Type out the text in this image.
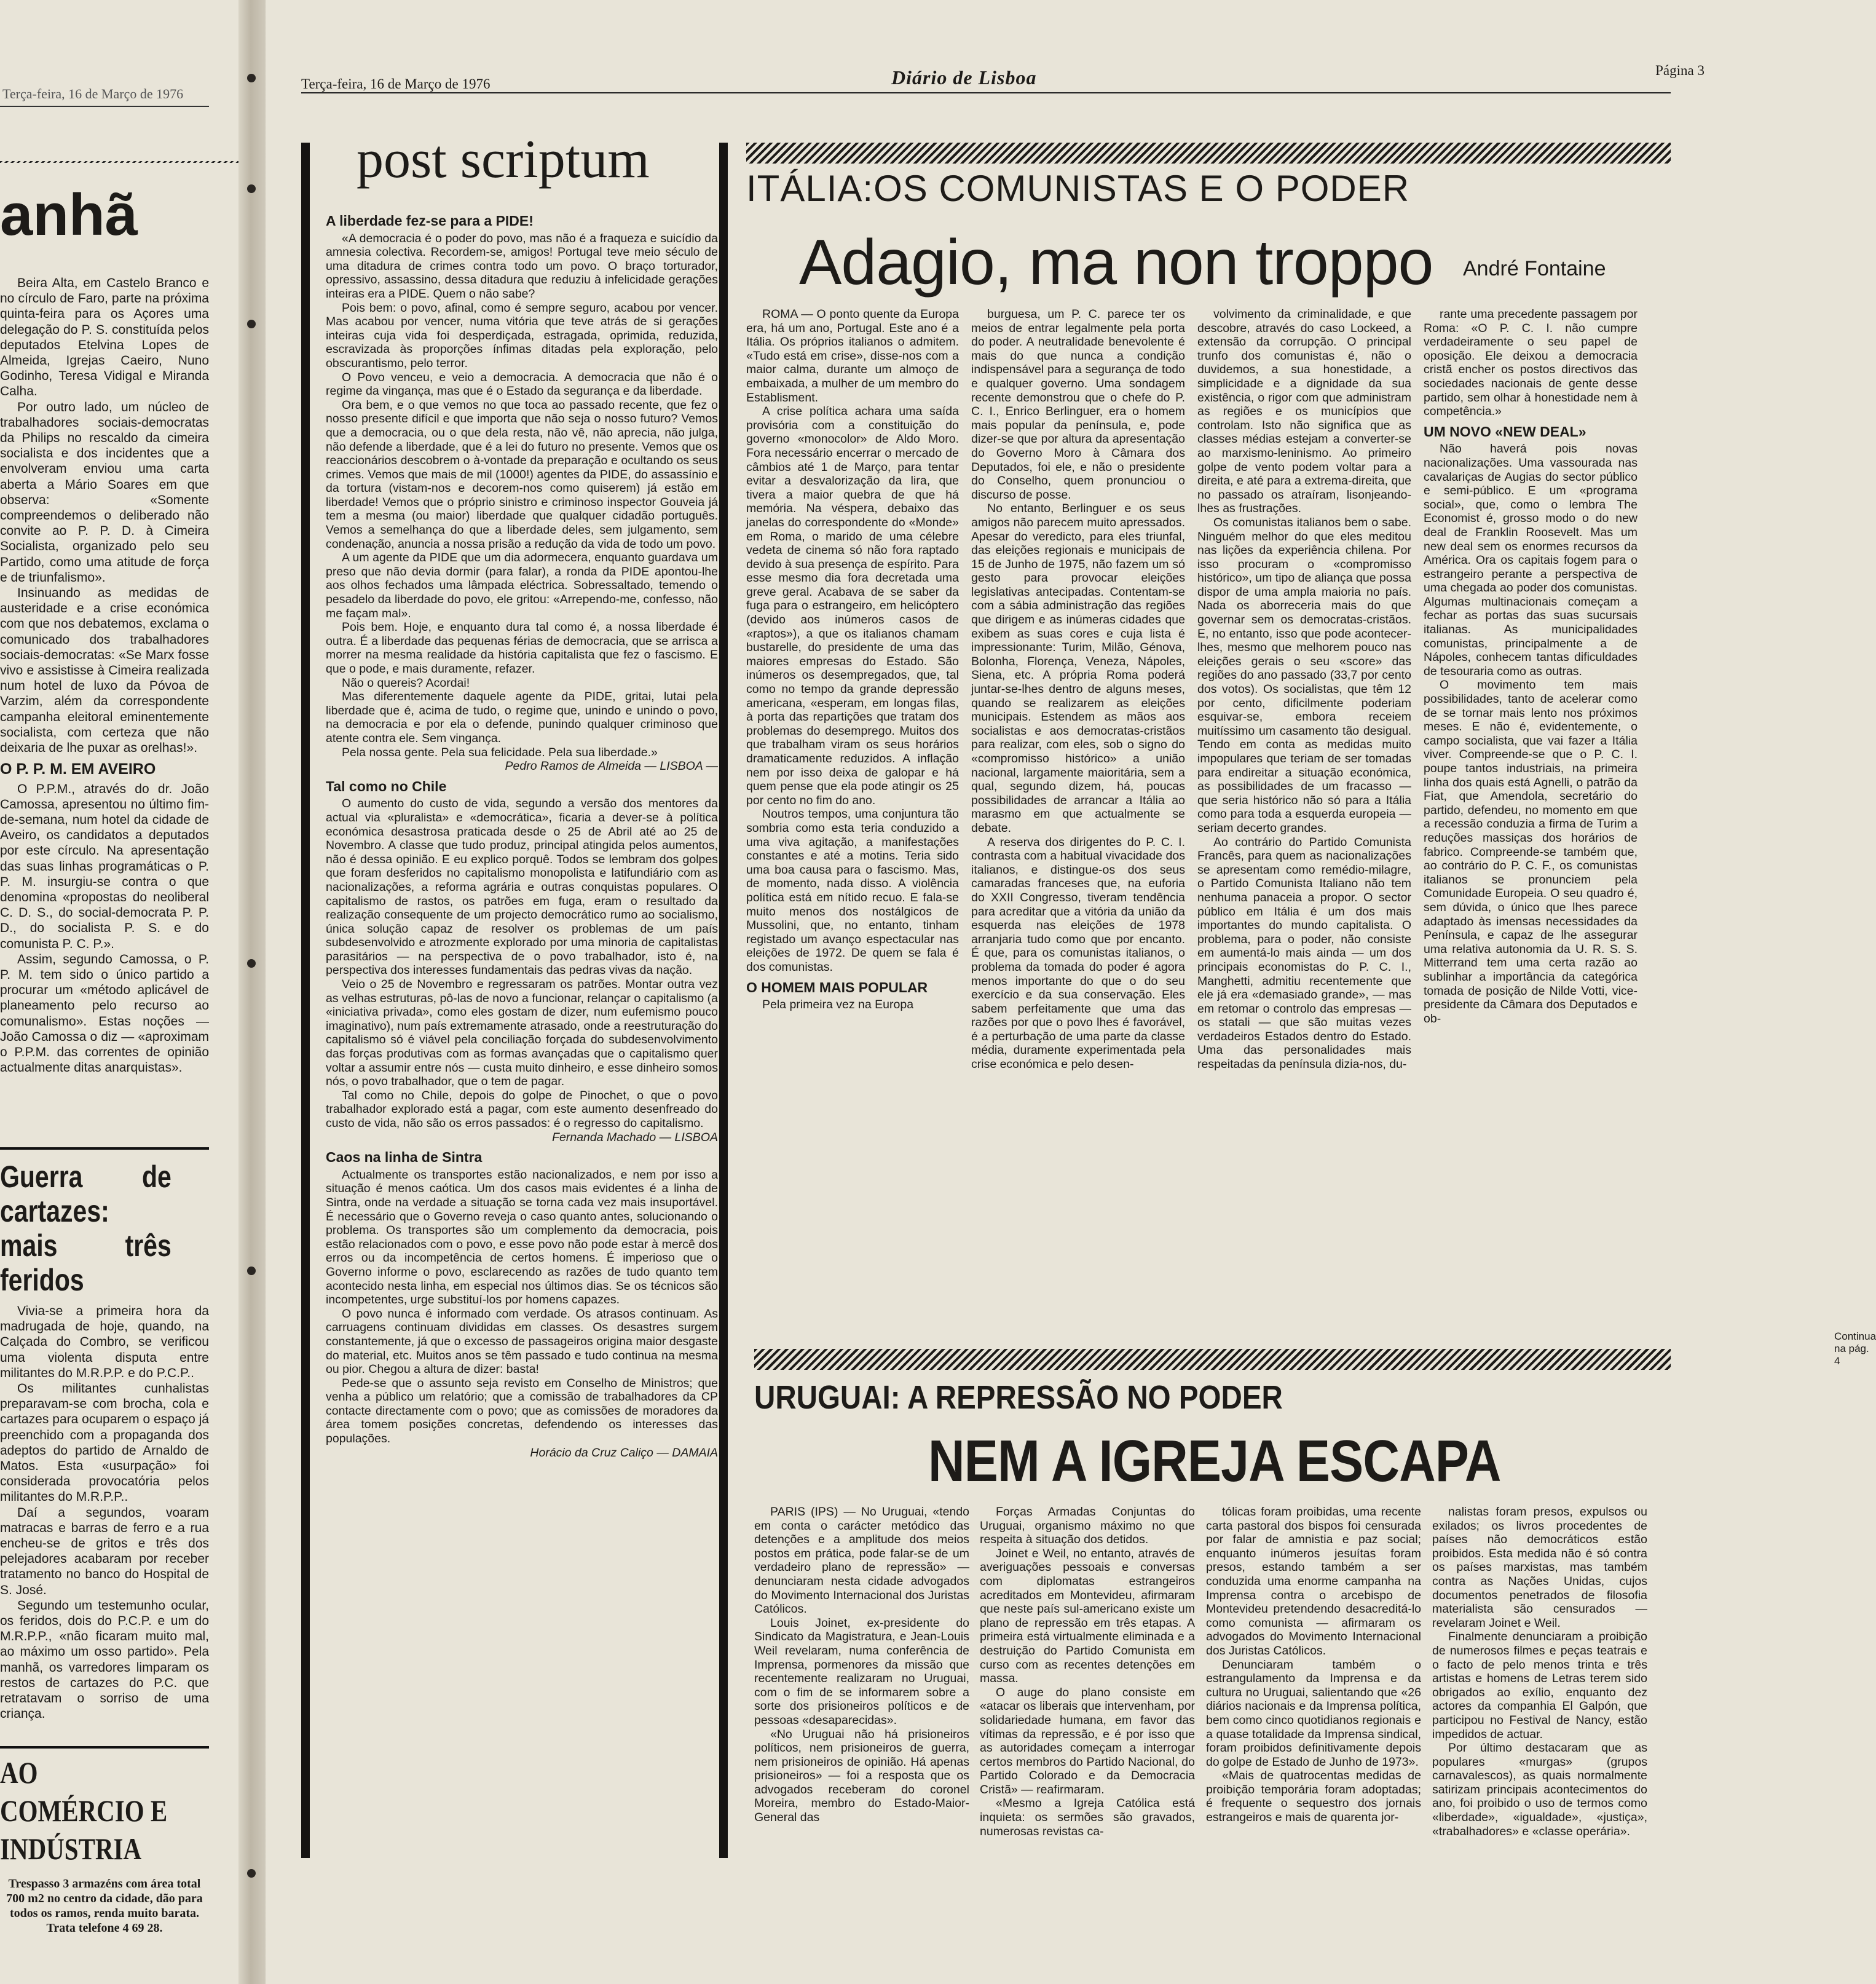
Terça-feira, 16 de Março de 1976
anhã

Beira Alta, em Castelo Branco e no círculo de Faro, parte na próxima quinta-feira para os Açores uma delegação do P. S. constituída pelos deputados Etelvina Lopes de Almeida, Igrejas Caeiro, Nuno Godinho, Teresa Vidigal e Miranda Calha.

Por outro lado, um núcleo de trabalhadores sociais-democratas da Philips no rescaldo da cimeira socialista e dos incidentes que a envolveram enviou uma carta aberta a Mário Soares em que observa: «Somente compreendemos o deliberado não convite ao P. P. D. à Cimeira Socialista, organizado pelo seu Partido, como uma atitude de força e de triunfalismo».

Insinuando as medidas de austeridade e a crise económica com que nos debatemos, exclama o comunicado dos trabalhadores sociais-democratas: «Se Marx fosse vivo e assistisse à Cimeira realizada num hotel de luxo da Póvoa de Varzim, além da correspondente campanha eleitoral eminentemente socialista, com certeza que não deixaria de lhe puxar as orelhas!».

O P. P. M. EM AVEIRO

O P.P.M., através do dr. João Camossa, apresentou no último fim-de-semana, num hotel da cidade de Aveiro, os candidatos a deputados por este círculo. Na apresentação das suas linhas programáticas o P. P. M. insurgiu-se contra o que denomina «propostas do neoliberal C. D. S., do social-democrata P. P. D., do socialista P. S. e do comunista P. C. P.».

Assim, segundo Camossa, o P. P. M. tem sido o único partido a procurar um «método aplicável de planeamento pelo recurso ao comunalismo». Estas noções — João Camossa o diz — «aproximam o P.P.M. das correntes de opinião actualmente ditas anarquistas».

Guerra de cartazes: mais três feridos

Vivia-se a primeira hora da madrugada de hoje, quando, na Calçada do Combro, se verificou uma violenta disputa entre militantes do M.R.P.P. e do P.C.P..

Os militantes cunhalistas preparavam-se com brocha, cola e cartazes para ocuparem o espaço já preenchido com a propaganda dos adeptos do partido de Arnaldo de Matos. Esta «usurpação» foi considerada provocatória pelos militantes do M.R.P.P..

Daí a segundos, voaram matracas e barras de ferro e a rua encheu-se de gritos e três dos pelejadores acabaram por receber tratamento no banco do Hospital de S. José.

Segundo um testemunho ocular, os feridos, dois do P.C.P. e um do M.R.P.P., «não ficaram muito mal, ao máximo um osso partido». Pela manhã, os varredores limparam os restos de cartazes do P.C. que retratavam o sorriso de uma criança.

AO COMÉRCIO E INDÚSTRIA
Trespasso 3 armazéns com área total 700 m2 no centro da cidade, dão para todos os ramos, renda muito barata. Trata telefone 4 69 28.
Terça-feira, 16 de Março de 1976	Diário de Lisboa	Página 3
post scriptum
A liberdade fez-se para a PIDE!

«A democracia é o poder do povo, mas não é a fraqueza e suicídio da amnesia colectiva. Recordem-se, amigos! Portugal teve meio século de uma ditadura de crimes contra todo um povo. O braço torturador, opressivo, assassino, dessa ditadura que reduziu à infelicidade gerações inteiras era a PIDE. Quem o não sabe?

Pois bem: o povo, afinal, como é sempre seguro, acabou por vencer. Mas acabou por vencer, numa vitória que teve atrás de si gerações inteiras cuja vida foi desperdiçada, estragada, oprimida, reduzida, escravizada às proporções ínfimas ditadas pela exploração, pelo obscurantismo, pelo terror.

O Povo venceu, e veio a democracia. A democracia que não é o regime da vingança, mas que é o Estado da segurança e da liberdade.

Ora bem, e o que vemos no que toca ao passado recente, que fez o nosso presente difícil e que importa que não seja o nosso futuro? Vemos que a democracia, ou o que dela resta, não vê, não aprecia, não julga, não defende a liberdade, que é a lei do futuro no presente. Vemos que os reaccionários descobrem o à-vontade da preparação e ocultando os seus crimes. Vemos que mais de mil (1000!) agentes da PIDE, do assassínio e da tortura (vistam-nos e decorem-nos como quiserem) já estão em liberdade! Vemos que o próprio sinistro e criminoso inspector Gouveia já tem a mesma (ou maior) liberdade que qualquer cidadão português. Vemos a semelhança do que a liberdade deles, sem julgamento, sem condenação, anuncia a nossa prisão a redução da vida de todo um povo.

A um agente da PIDE que um dia adormecera, enquanto guardava um preso que não devia dormir (para falar), a ronda da PIDE apontou-lhe aos olhos fechados uma lâmpada eléctrica. Sobressaltado, temendo o pesadelo da liberdade do povo, ele gritou: «Arrependo-me, confesso, não me façam mal».

Pois bem. Hoje, e enquanto dura tal como é, a nossa liberdade é outra. É a liberdade das pequenas férias de democracia, que se arrisca a morrer na mesma realidade da história capitalista que fez o fascismo. E que o pode, e mais duramente, refazer.

Não o quereis? Acordai!

Mas diferentemente daquele agente da PIDE, gritai, lutai pela liberdade que é, acima de tudo, o regime que, unindo e unindo o povo, na democracia e por ela o defende, punindo qualquer criminoso que atente contra ele. Sem vingança.

Pela nossa gente. Pela sua felicidade. Pela sua liberdade.»

Pedro Ramos de Almeida — LISBOA —
Tal como no Chile

O aumento do custo de vida, segundo a versão dos mentores da actual via «pluralista» e «democrática», ficaria a dever-se à política económica desastrosa praticada desde o 25 de Abril até ao 25 de Novembro. A classe que tudo produz, principal atingida pelos aumentos, não é dessa opinião. E eu explico porquê. Todos se lembram dos golpes que foram desferidos no capitalismo monopolista e latifundiário com as nacionalizações, a reforma agrária e outras conquistas populares. O capitalismo de rastos, os patrões em fuga, eram o resultado da realização consequente de um projecto democrático rumo ao socialismo, única solução capaz de resolver os problemas de um país subdesenvolvido e atrozmente explorado por uma minoria de capitalistas parasitários — na perspectiva de o povo trabalhador, isto é, na perspectiva dos interesses fundamentais das pedras vivas da nação.

Veio o 25 de Novembro e regressaram os patrões. Montar outra vez as velhas estruturas, pô-las de novo a funcionar, relançar o capitalismo (a «iniciativa privada», como eles gostam de dizer, num eufemismo pouco imaginativo), num país extremamente atrasado, onde a reestruturação do capitalismo só é viável pela conciliação forçada do subdesenvolvimento das forças produtivas com as formas avançadas que o capitalismo quer voltar a assumir entre nós — custa muito dinheiro, e esse dinheiro somos nós, o povo trabalhador, que o tem de pagar.

Tal como no Chile, depois do golpe de Pinochet, o que o povo trabalhador explorado está a pagar, com este aumento desenfreado do custo de vida, não são os erros passados: é o regresso do capitalismo.

Fernanda Machado — LISBOA
Caos na linha de Sintra

Actualmente os transportes estão nacionalizados, e nem por isso a situação é menos caótica. Um dos casos mais evidentes é a linha de Sintra, onde na verdade a situação se torna cada vez mais insuportável. É necessário que o Governo reveja o caso quanto antes, solucionando o problema. Os transportes são um complemento da democracia, pois estão relacionados com o povo, e esse povo não pode estar à mercê dos erros ou da incompetência de certos homens. É imperioso que o Governo informe o povo, esclarecendo as razões de tudo quanto tem acontecido nesta linha, em especial nos últimos dias. Se os técnicos são incompetentes, urge substituí-los por homens capazes.

O povo nunca é informado com verdade. Os atrasos continuam. As carruagens continuam divididas em classes. Os desastres surgem constantemente, já que o excesso de passageiros origina maior desgaste do material, etc. Muitos anos se têm passado e tudo continua na mesma ou pior. Chegou a altura de dizer: basta!

Pede-se que o assunto seja revisto em Conselho de Ministros; que venha a público um relatório; que a comissão de trabalhadores da CP contacte directamente com o povo; que as comissões de moradores da área tomem posições concretas, defendendo os interesses das populações.

Horácio da Cruz Caliço — DAMAIA
ITÁLIA:OS COMUNISTAS E O PODER
Adagio, ma non troppo André Fontaine

ROMA — O ponto quente da Europa era, há um ano, Portugal. Este ano é a Itália. Os próprios italianos o admitem. «Tudo está em crise», disse-nos com a maior calma, durante um almoço de embaixada, a mulher de um membro do Establisment.

A crise política achara uma saída provisória com a constituição do governo «monocolor» de Aldo Moro. Fora necessário encerrar o mercado de câmbios até 1 de Março, para tentar evitar a desvalorização da lira, que tivera a maior quebra de que há memória. Na véspera, debaixo das janelas do correspondente do «Monde» em Roma, o marido de uma célebre vedeta de cinema só não fora raptado devido à sua presença de espírito. Para esse mesmo dia fora decretada uma greve geral. Acabava de se saber da fuga para o estrangeiro, em helicóptero (devido aos inúmeros casos de «raptos»), a que os italianos chamam bustarelle, do presidente de uma das maiores empresas do Estado. São inúmeros os desempregados, que, tal como no tempo da grande depressão americana, «esperam, em longas filas, à porta das repartições que tratam dos problemas do desemprego. Muitos dos que trabalham viram os seus horários dramaticamente reduzidos. A inflação nem por isso deixa de galopar e há quem pense que ela pode atingir os 25 por cento no fim do ano.

Noutros tempos, uma conjuntura tão sombria como esta teria conduzido a uma viva agitação, a manifestações constantes e até a motins. Teria sido uma boa causa para o fascismo. Mas, de momento, nada disso. A violência política está em nítido recuo. E fala-se muito menos dos nostálgicos de Mussolini, que, no entanto, tinham registado um avanço espectacular nas eleições de 1972. De quem se fala é dos comunistas.

O HOMEM MAIS POPULAR

Pela primeira vez na Europa

burguesa, um P. C. parece ter os meios de entrar legalmente pela porta do poder. A neutralidade benevolente é mais do que nunca a condição indispensável para a segurança de todo e qualquer governo. Uma sondagem recente demonstrou que o chefe do P. C. I., Enrico Berlinguer, era o homem mais popular da península, e, pode dizer-se que por altura da apresentação do Governo Moro à Câmara dos Deputados, foi ele, e não o presidente do Conselho, quem pronunciou o discurso de posse.

No entanto, Berlinguer e os seus amigos não parecem muito apressados. Apesar do veredicto, para eles triunfal, das eleições regionais e municipais de 15 de Junho de 1975, não fazem um só gesto para provocar eleições legislativas antecipadas. Contentam-se com a sábia administração das regiões que dirigem e as inúmeras cidades que exibem as suas cores e cuja lista é impressionante: Turim, Milão, Génova, Bolonha, Florença, Veneza, Nápoles, Siena, etc. A própria Roma poderá juntar-se-lhes dentro de alguns meses, quando se realizarem as eleições municipais. Estendem as mãos aos socialistas e aos democratas-cristãos para realizar, com eles, sob o signo do «compromisso histórico» a união nacional, largamente maioritária, sem a qual, segundo dizem, há, poucas possibilidades de arrancar a Itália ao marasmo em que actualmente se debate.

A reserva dos dirigentes do P. C. I. contrasta com a habitual vivacidade dos italianos, e distingue-os dos seus camaradas franceses que, na euforia do XXII Congresso, tiveram tendência para acreditar que a vitória da união da esquerda nas eleições de 1978 arranjaria tudo como que por encanto. É que, para os comunistas italianos, o problema da tomada do poder é agora menos importante do que o do seu exercício e da sua conservação. Eles sabem perfeitamente que uma das razões por que o povo lhes é favorável, é a perturbação de uma parte da classe média, duramente experimentada pela crise económica e pelo desen-

volvimento da criminalidade, e que descobre, através do caso Lockeed, a extensão da corrupção. O principal trunfo dos comunistas é, não o duvidemos, a sua honestidade, a simplicidade e a dignidade da sua existência, o rigor com que administram as regiões e os municípios que controlam. Isto não significa que as classes médias estejam a converter-se ao marxismo-leninismo. Ao primeiro golpe de vento podem voltar para a direita, e até para a extrema-direita, que no passado os atraíram, lisonjeando-lhes as frustrações.

Os comunistas italianos bem o sabe. Ninguém melhor do que eles meditou nas lições da experiência chilena. Por isso procuram o «compromisso histórico», um tipo de aliança que possa dispor de uma ampla maioria no país. Nada os aborreceria mais do que governar sem os democratas-cristãos. E, no entanto, isso que pode acontecer-lhes, mesmo que melhorem pouco nas eleições gerais o seu «score» das regiões do ano passado (33,7 por cento dos votos). Os socialistas, que têm 12 por cento, dificilmente poderiam esquivar-se, embora receiem muitíssimo um casamento tão desigual. Tendo em conta as medidas muito impopulares que teriam de ser tomadas para endireitar a situação económica, as possibilidades de um fracasso — que seria histórico não só para a Itália como para toda a esquerda europeia — seriam decerto grandes.

Ao contrário do Partido Comunista Francês, para quem as nacionalizações se apresentam como remédio-milagre, o Partido Comunista Italiano não tem nenhuma panaceia a propor. O sector público em Itália é um dos mais importantes do mundo capitalista. O problema, para o poder, não consiste em aumentá-lo mais ainda — um dos principais economistas do P. C. I., Manghetti, admitiu recentemente que ele já era «demasiado grande», — mas em retomar o controlo das empresas — os statali — que são muitas vezes verdadeiros Estados dentro do Estado. Uma das personalidades mais respeitadas da península dizia-nos, du-

rante uma precedente passagem por Roma: «O P. C. I. não cumpre verdadeiramente o seu papel de oposição. Ele deixou a democracia cristã encher os postos directivos das sociedades nacionais de gente desse partido, sem olhar à honestidade nem à competência.»

UM NOVO «NEW DEAL»

Não haverá pois novas nacionalizações. Uma vassourada nas cavalariças de Augias do sector público e semi-público. E um «programa social», que, como o lembra The Economist é, grosso modo o do new deal de Franklin Roosevelt. Mas um new deal sem os enormes recursos da América. Ora os capitais fogem para o estrangeiro perante a perspectiva de uma chegada ao poder dos comunistas. Algumas multinacionais começam a fechar as portas das suas sucursais italianas. As municipalidades comunistas, principalmente a de Nápoles, conhecem tantas dificuldades de tesouraria como as outras.

O movimento tem mais possibilidades, tanto de acelerar como de se tornar mais lento nos próximos meses. E não é, evidentemente, o campo socialista, que vai fazer a Itália viver. Compreende-se que o P. C. I. poupe tantos industriais, na primeira linha dos quais está Agnelli, o patrão da Fiat, que Amendola, secretário do partido, defendeu, no momento em que a recessão conduzia a firma de Turim a reduções massiças dos horários de fabrico. Compreende-se também que, ao contrário do P. C. F., os comunistas italianos se pronunciem pela Comunidade Europeia. O seu quadro é, sem dúvida, o único que lhes parece adaptado às imensas necessidades da Península, e capaz de lhe assegurar uma relativa autonomia da U. R. S. S. Mitterrand tem uma certa razão ao sublinhar a importância da categórica tomada de posição de Nilde Votti, vice-presidente da Câmara dos Deputados e ob-

Continua na pág. 4
URUGUAI: A REPRESSÃO NO PODER
NEM A IGREJA ESCAPA

PARIS (IPS) — No Uruguai, «tendo em conta o carácter metódico das detenções e a amplitude dos meios postos em prática, pode falar-se de um verdadeiro plano de repressão» — denunciaram nesta cidade advogados do Movimento Internacional dos Juristas Católicos.

Louis Joinet, ex-presidente do Sindicato da Magistratura, e Jean-Louis Weil revelaram, numa conferência de Imprensa, pormenores da missão que recentemente realizaram no Uruguai, com o fim de se informarem sobre a sorte dos prisioneiros políticos e de pessoas «desaparecidas».

«No Uruguai não há prisioneiros políticos, nem prisioneiros de guerra, nem prisioneiros de opinião. Há apenas prisioneiros» — foi a resposta que os advogados receberam do coronel Moreira, membro do Estado-Maior-General das

Forças Armadas Conjuntas do Uruguai, organismo máximo no que respeita à situação dos detidos.

Joinet e Weil, no entanto, através de averiguações pessoais e conversas com diplomatas estrangeiros acreditados em Montevideu, afirmaram que neste país sul-americano existe um plano de repressão em três etapas. A primeira está virtualmente eliminada e a destruição do Partido Comunista em curso com as recentes detenções em massa.

O auge do plano consiste em «atacar os liberais que intervenham, por solidariedade humana, em favor das vítimas da repressão, e é por isso que as autoridades começam a interrogar certos membros do Partido Nacional, do Partido Colorado e da Democracia Cristã» — reafirmaram.

«Mesmo a Igreja Católica está inquieta: os sermões são gravados, numerosas revistas ca-

tólicas foram proibidas, uma recente carta pastoral dos bispos foi censurada por falar de amnistia e paz social; enquanto inúmeros jesuítas foram presos, estando também a ser conduzida uma enorme campanha na Imprensa contra o arcebispo de Montevideu pretendendo desacreditá-lo como comunista — afirmaram os advogados do Movimento Internacional dos Juristas Católicos.

Denunciaram também o estrangulamento da Imprensa e da cultura no Uruguai, salientando que «26 diários nacionais e da Imprensa política, bem como cinco quotidianos regionais e a quase totalidade da Imprensa sindical, foram proibidos definitivamente depois do golpe de Estado de Junho de 1973».

«Mais de quatrocentas medidas de proibição temporária foram adoptadas; é frequente o sequestro dos jornais estrangeiros e mais de quarenta jor-

nalistas foram presos, expulsos ou exilados; os livros procedentes de países não democráticos estão proibidos. Esta medida não é só contra os países marxistas, mas também contra as Nações Unidas, cujos documentos penetrados de filosofia materialista são censurados — revelaram Joinet e Weil.

Finalmente denunciaram a proibição de numerosos filmes e peças teatrais e o facto de pelo menos trinta e três artistas e homens de Letras terem sido obrigados ao exílio, enquanto dez actores da companhia El Galpón, que participou no Festival de Nancy, estão impedidos de actuar.

Por último destacaram que as populares «murgas» (grupos carnavalescos), as quais normalmente satirizam principais acontecimentos do ano, foi proibido o uso de termos como «liberdade», «igualdade», «justiça», «trabalhadores» e «classe operária».
